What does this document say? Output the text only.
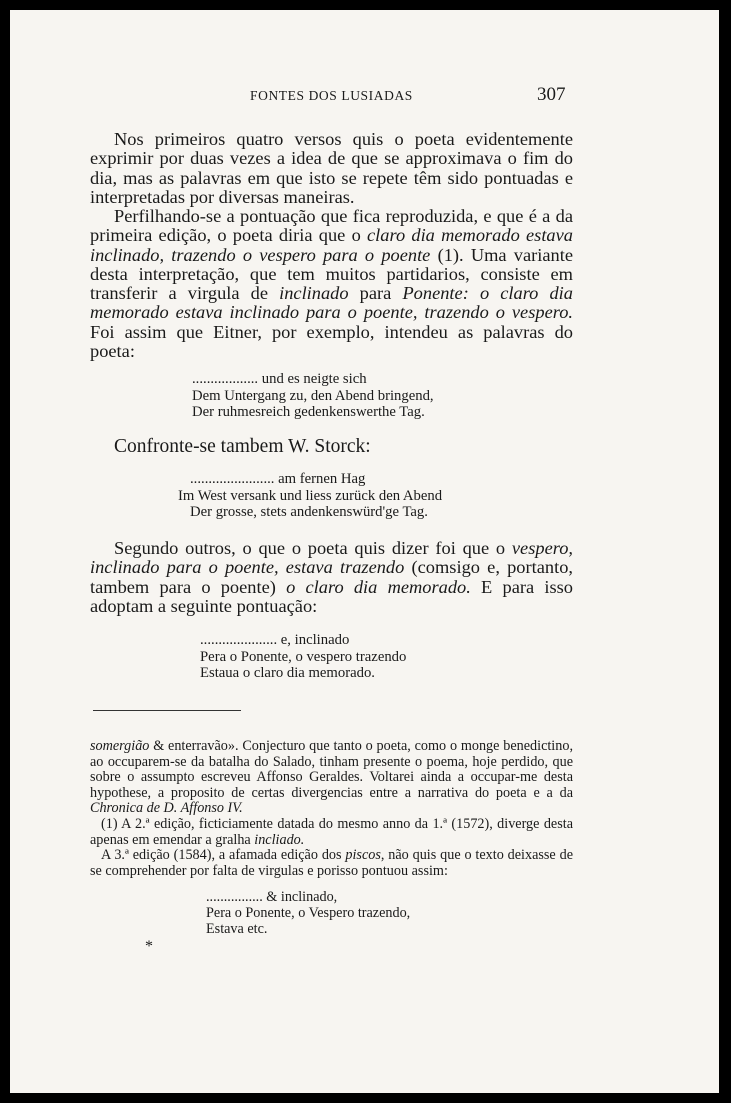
FONTES DOS LUSIADAS	307
Nos primeiros quatro versos quis o poeta evidentemente exprimir por duas vezes a idea de que se approximava o fim do dia, mas as palavras em que isto se repete têm sido pontuadas e interpretadas por diversas maneiras.
Perfilhando-se a pontuação que fica reproduzida, e que é a da primeira edição, o poeta diria que o claro dia memorado estava inclinado, trazendo o vespero para o poente (1). Uma variante desta interpretação, que tem muitos partidarios, consiste em transferir a virgula de inclinado para Ponente: o claro dia memorado estava inclinado para o poente, trazendo o vespero. Foi assim que Eitner, por exemplo, intendeu as palavras do poeta:
.................. und es neigte sich
Dem Untergang zu, den Abend bringend,
Der ruhmesreich gedenkenswerthe Tag.
Confronte-se tambem W. Storck:
....................... am fernen Hag
Im West versank und liess zurück den Abend
Der grosse, stets andenkenswürd'ge Tag.
Segundo outros, o que o poeta quis dizer foi que o vespero, inclinado para o poente, estava trazendo (comsigo e, portanto, tambem para o poente) o claro dia memorado. E para isso adoptam a seguinte pontuação:
..................... e, inclinado
Pera o Ponente, o vespero trazendo
Estaua o claro dia memorado.
somergião & enterravão». Conjecturo que tanto o poeta, como o monge benedictino, ao occuparem-se da batalha do Salado, tinham presente o poema, hoje perdido, que sobre o assumpto escreveu Affonso Geraldes. Voltarei ainda a occupar-me desta hypothese, a proposito de certas divergencias entre a narrativa do poeta e a da Chronica de D. Affonso IV.
(1) A 2.ª edição, ficticiamente datada do mesmo anno da 1.ª (1572), diverge desta apenas em emendar a gralha incliado.
A 3.ª edição (1584), a afamada edição dos piscos, não quis que o texto deixasse de se comprehender por falta de virgulas e porisso pontuou assim:
................ & inclinado,
Pera o Ponente, o Vespero trazendo,
Estava etc.
*
